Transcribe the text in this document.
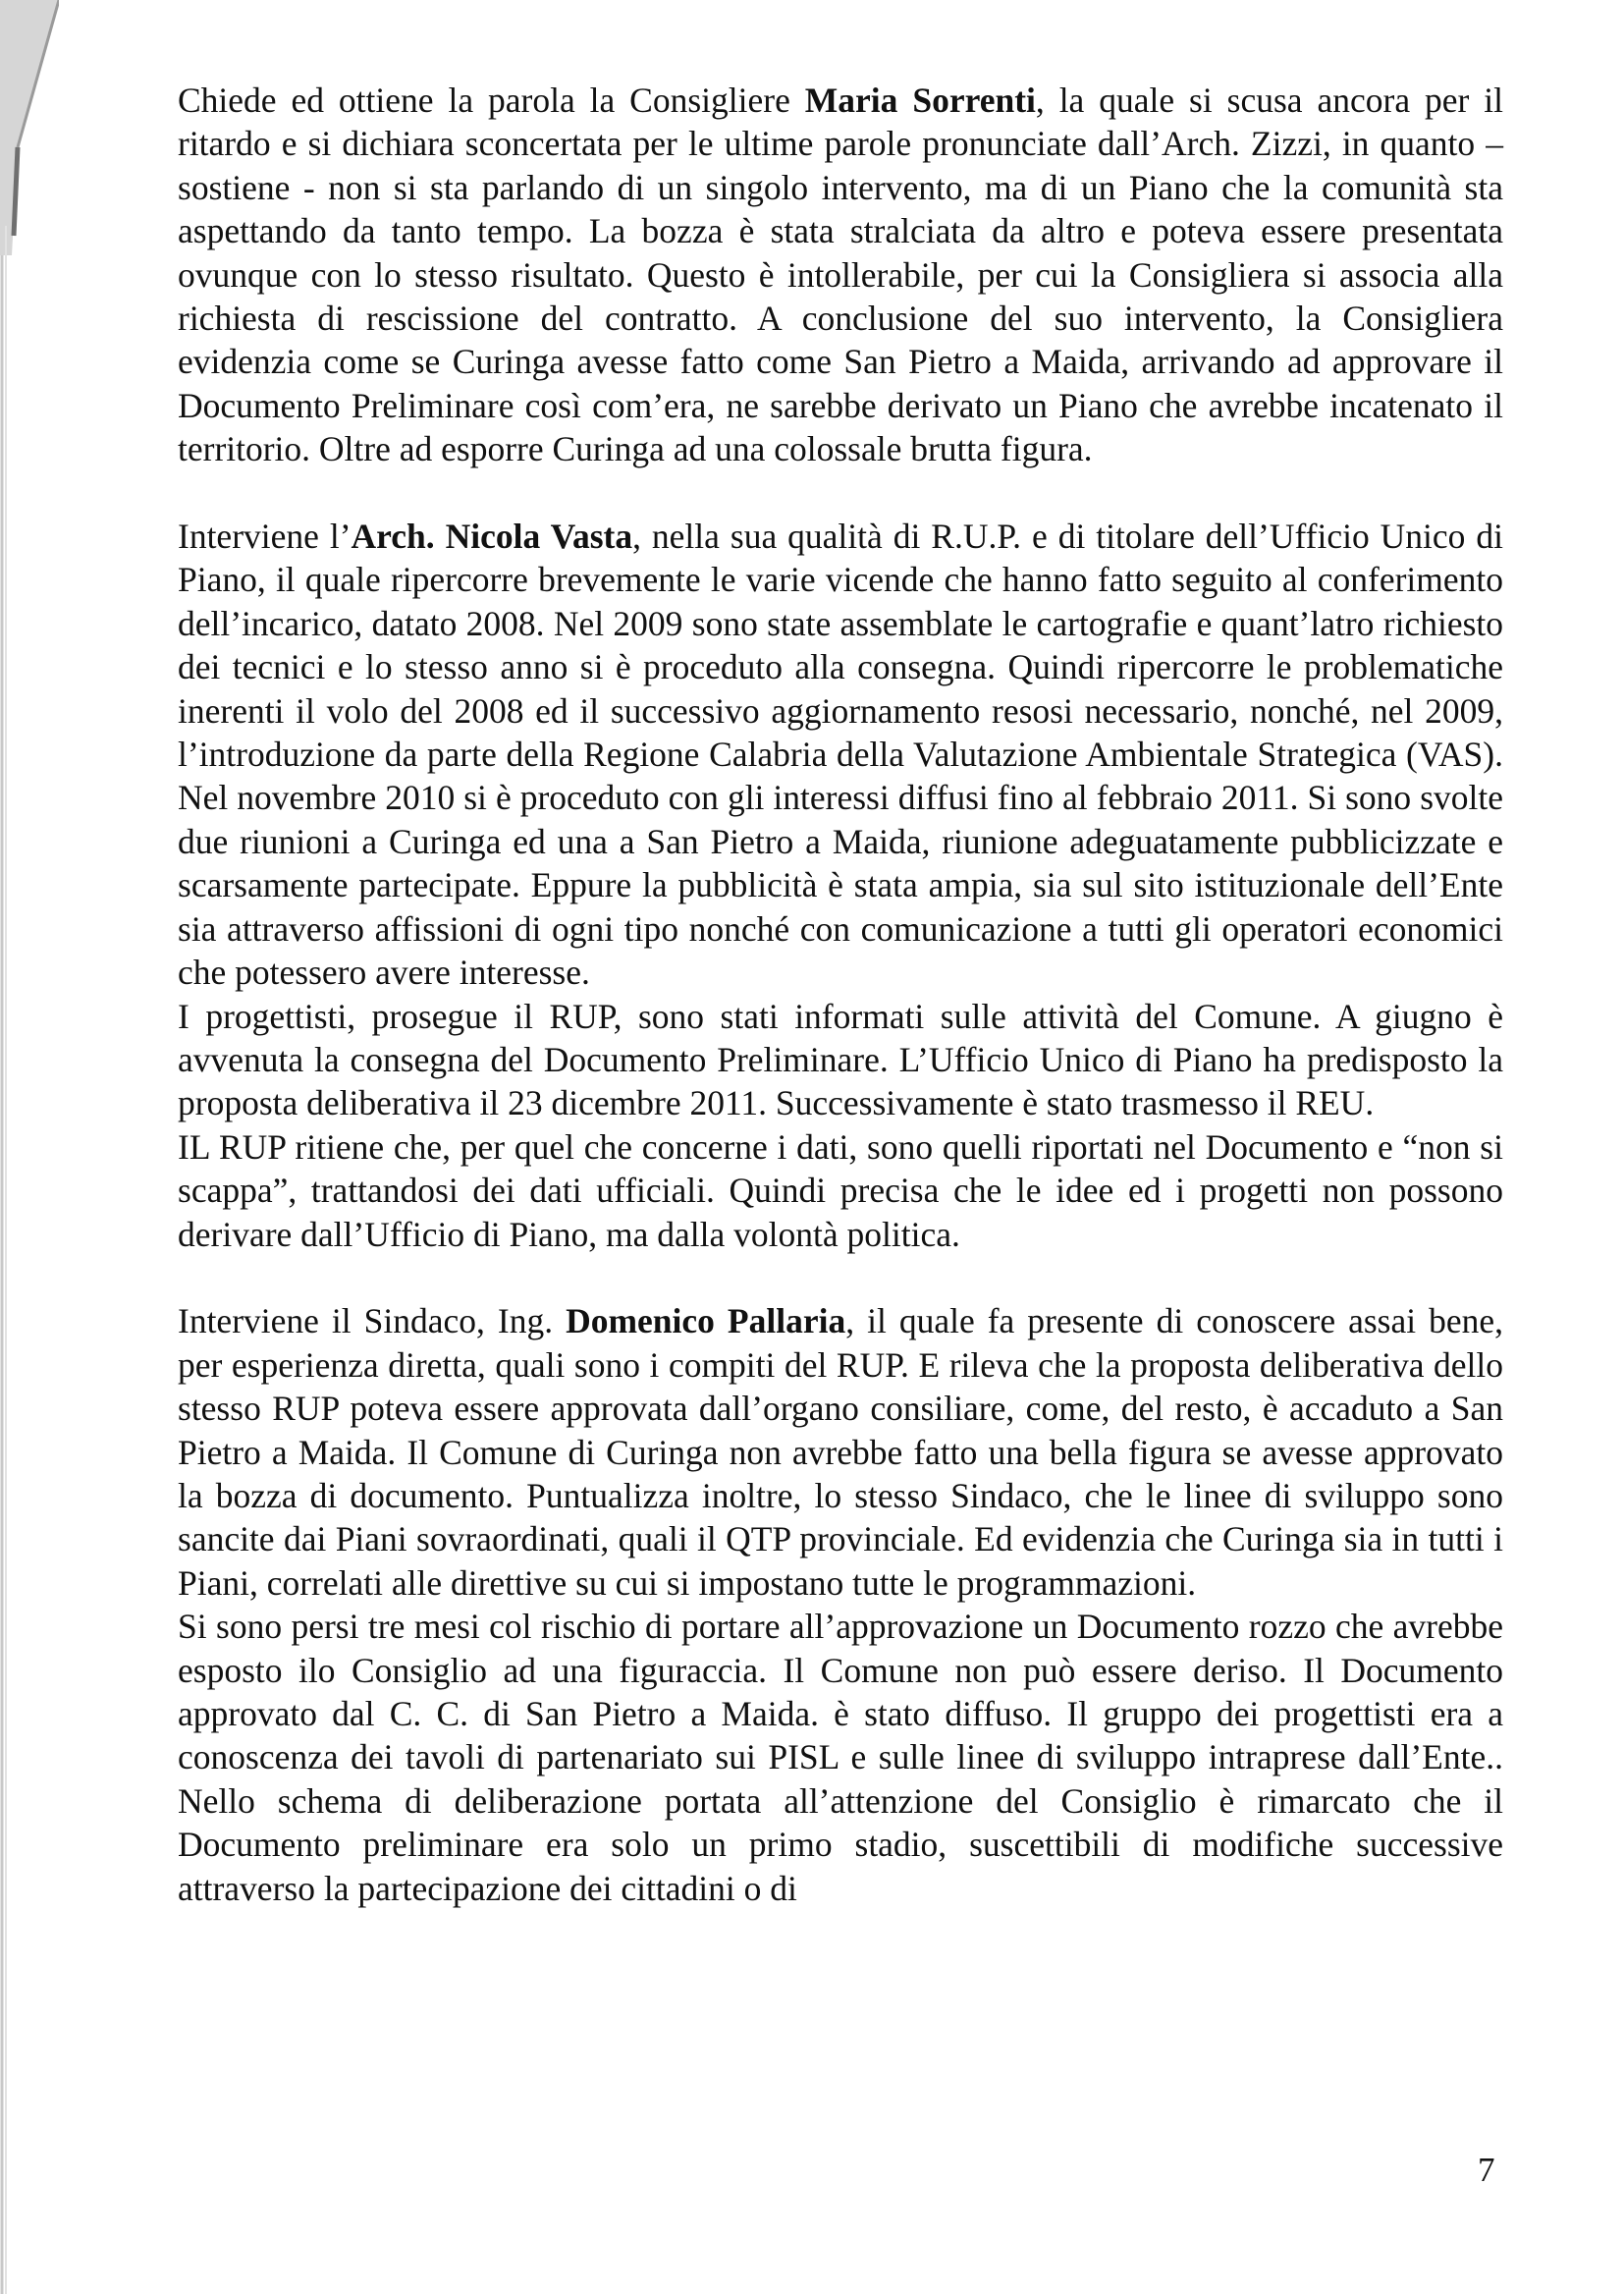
Chiede ed ottiene la parola la Consigliere Maria Sorrenti, la quale si scusa ancora per il ritardo e si dichiara sconcertata per le ultime parole pronunciate dall’Arch. Zizzi, in quanto – sostiene - non si sta parlando di un singolo intervento, ma di un Piano che la comunità sta aspettando da tanto tempo. La bozza è stata stralciata da altro e poteva essere presentata ovunque con lo stesso risultato. Questo è intollerabile, per cui la Consigliera si associa alla richiesta di rescissione del contratto. A conclusione del suo intervento, la Consigliera evidenzia come se Curinga avesse fatto come San Pietro a Maida, arrivando ad approvare il Documento Preliminare così com’era, ne sarebbe derivato un Piano che avrebbe incatenato il territorio. Oltre ad esporre Curinga ad una colossale brutta figura.

Interviene l’Arch. Nicola Vasta, nella sua qualità di R.U.P. e di titolare dell’Ufficio Unico di Piano, il quale ripercorre brevemente le varie vicende che hanno fatto seguito al conferimento dell’incarico, datato 2008. Nel 2009 sono state assemblate le cartografie e quant’latro richiesto dei tecnici e lo stesso anno si è proceduto alla consegna. Quindi ripercorre le problematiche inerenti il volo del 2008 ed il successivo aggiornamento resosi necessario, nonché, nel 2009, l’introduzione da parte della Regione Calabria della Valutazione Ambientale Strategica (VAS). Nel novembre 2010 si è proceduto con gli interessi diffusi fino al febbraio 2011. Si sono svolte due riunioni a Curinga ed una a San Pietro a Maida, riunione adeguatamente pubblicizzate e scarsamente partecipate. Eppure la pubblicità è stata ampia, sia sul sito istituzionale dell’Ente sia attraverso affissioni di ogni tipo nonché con comunicazione a tutti gli operatori economici che potessero avere interesse.

I progettisti, prosegue il RUP, sono stati informati sulle attività del Comune. A giugno è avvenuta la consegna del Documento Preliminare. L’Ufficio Unico di Piano ha predisposto la proposta deliberativa il 23 dicembre 2011. Successivamente è stato trasmesso il REU.

IL RUP ritiene che, per quel che concerne i dati, sono quelli riportati nel Documento e “non si scappa”, trattandosi dei dati ufficiali. Quindi precisa che le idee ed i progetti non possono derivare dall’Ufficio di Piano, ma dalla volontà politica.

Interviene il Sindaco, Ing. Domenico Pallaria, il quale fa presente di conoscere assai bene, per esperienza diretta, quali sono i compiti del RUP. E rileva che la proposta deliberativa dello stesso RUP poteva essere approvata dall’organo consiliare, come, del resto, è accaduto a San Pietro a Maida. Il Comune di Curinga non avrebbe fatto una bella figura se avesse approvato la bozza di documento. Puntualizza inoltre, lo stesso Sindaco, che le linee di sviluppo sono sancite dai Piani sovraordinati, quali il QTP provinciale. Ed evidenzia che Curinga sia in tutti i Piani, correlati alle direttive su cui si impostano tutte le programmazioni.

Si sono persi tre mesi col rischio di portare all’approvazione un Documento rozzo che avrebbe esposto ilo Consiglio ad una figuraccia. Il Comune non può essere deriso. Il Documento approvato dal C. C. di San Pietro a Maida. è stato diffuso. Il gruppo dei progettisti era a conoscenza dei tavoli di partenariato sui PISL e sulle linee di sviluppo intraprese dall’Ente.. Nello schema di deliberazione portata all’attenzione del Consiglio è rimarcato che il Documento preliminare era solo un primo stadio, suscettibili di modifiche successive attraverso la partecipazione dei cittadini o di

7
